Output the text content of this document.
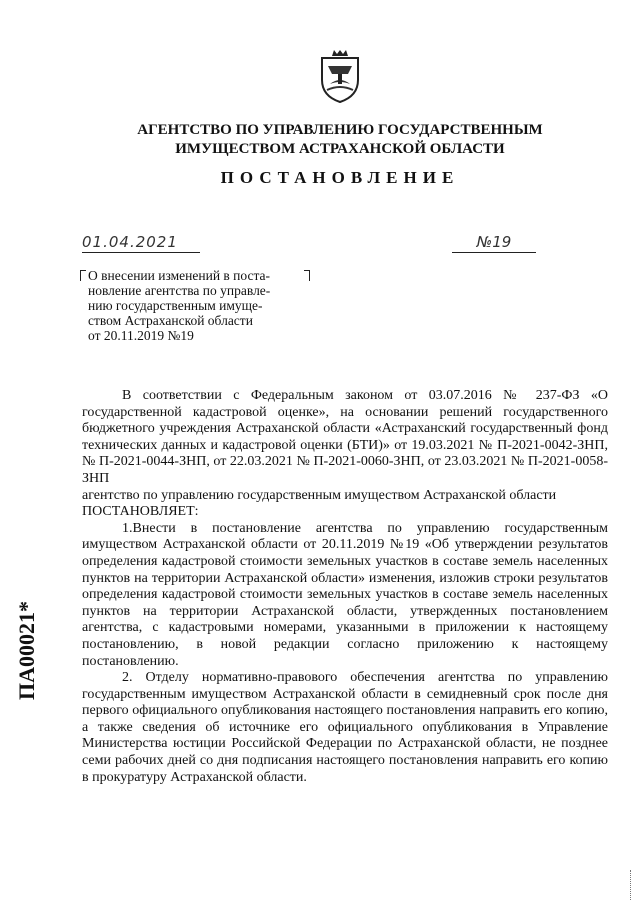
АГЕНТСТВО ПО УПРАВЛЕНИЮ ГОСУДАРСТВЕННЫМ
ИМУЩЕСТВОМ АСТРАХАНСКОЙ ОБЛАСТИ
ПОСТАНОВЛЕНИЕ
01.04.2021	№19
О внесении изменений в поста-
новление агентства по управле-
нию государственным имуще-
ством Астраханской области
от 20.11.2019 №19

В соответствии с Федеральным законом от 03.07.2016 № 237-ФЗ «О государственной кадастровой оценке», на основании решений государственного бюджетного учреждения Астраханской области «Астраханский государственный фонд технических данных и кадастровой оценки (БТИ)» от 19.03.2021 № П-2021-0042-ЗНП, № П-2021-0044-ЗНП, от 22.03.2021 № П-2021-0060-ЗНП, от 23.03.2021 № П-2021-0058-ЗНП

агентство по управлению государственным имуществом Астраханской области

ПОСТАНОВЛЯЕТ:

1.Внести в постановление агентства по управлению государственным имуществом Астраханской области от 20.11.2019 №19 «Об утверждении результатов определения кадастровой стоимости земельных участков в составе земель населенных пунктов на территории Астраханской области» изменения, изложив строки результатов определения кадастровой стоимости земельных участков в составе земель населенных пунктов на территории Астраханской области, утвержденных постановлением агентства, с кадастровыми номерами, указанными в приложении к настоящему постановлению, в новой редакции согласно приложению к настоящему постановлению.

2. Отделу нормативно-правового обеспечения агентства по управлению государственным имуществом Астраханской области в семидневный срок после дня первого официального опубликования настоящего постановления направить его копию, а также сведения об источнике его официального опубликования в Управление Министерства юстиции Российской Федерации по Астраханской области, не позднее семи рабочих дней со дня подписания настоящего постановления направить его копию в прокуратуру Астраханской области.

ПА00021*
